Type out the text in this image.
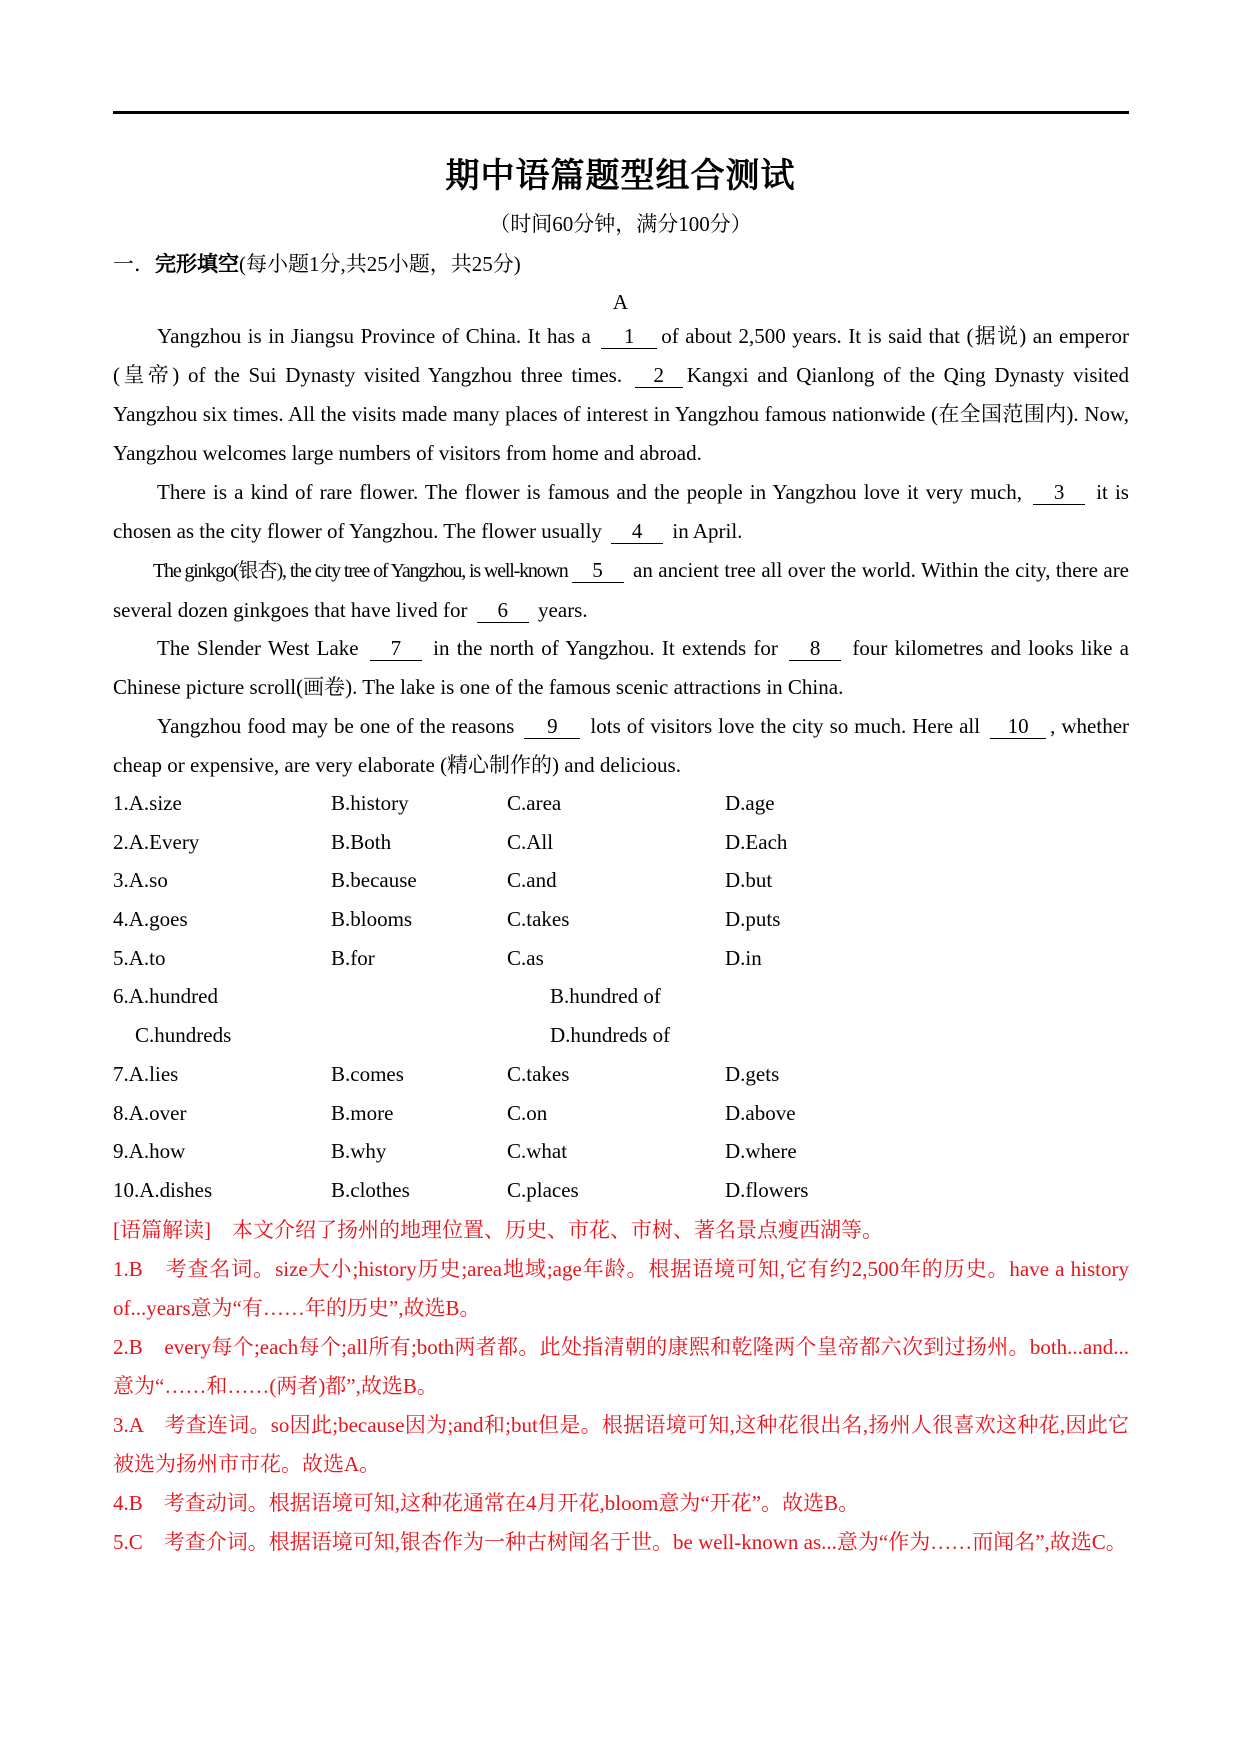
期中语篇题型组合测试
（时间60分钟，满分100分）
一．完形填空(每小题1分,共25小题，共25分)
A

Yangzhou is in Jiangsu Province of China. It has a 1 of about 2,500 years. It is said that (据说) an emperor (皇帝) of the Sui Dynasty visited Yangzhou three times. 2 Kangxi and Qianlong of the Qing Dynasty visited Yangzhou six times. All the visits made many places of interest in Yangzhou famous nationwide (在全国范围内). Now, Yangzhou welcomes large numbers of visitors from home and abroad.

There is a kind of rare flower. The flower is famous and the people in Yangzhou love it very much, 3 it is chosen as the city flower of Yangzhou. The flower usually 4 in April.

The ginkgo(银杏), the city tree of Yangzhou, is well-known 5 an ancient tree all over the world. Within the city, there are several dozen ginkgoes that have lived for 6 years.

The Slender West Lake 7 in the north of Yangzhou. It extends for 8 four kilometres and looks like a Chinese picture scroll(画卷). The lake is one of the famous scenic attractions in China.

Yangzhou food may be one of the reasons 9 lots of visitors love the city so much. Here all 10 , whether cheap or expensive, are very elaborate (精心制作的) and delicious.

1.A.size	B.history	C.area	D.age
2.A.Every	B.Both	C.All	D.Each
3.A.so	B.because	C.and	D.but
4.A.goes	B.blooms	C.takes	D.puts
5.A.to	B.for	C.as	D.in
6.A.hundred	B.hundred of
C.hundreds	D.hundreds of
7.A.lies	B.comes	C.takes	D.gets
8.A.over	B.more	C.on	D.above
9.A.how	B.why	C.what	D.where
10.A.dishes	B.clothes	C.places	D.flowers

[语篇解读]　本文介绍了扬州的地理位置、历史、市花、市树、著名景点瘦西湖等。

1.B　考查名词。size大小;history历史;area地域;age年龄。根据语境可知,它有约2,500年的历史。have a history of...years意为“有……年的历史”,故选B。

2.B　every每个;each每个;all所有;both两者都。此处指清朝的康熙和乾隆两个皇帝都六次到过扬州。both...and...意为“……和……(两者)都”,故选B。

3.A　考查连词。so因此;because因为;and和;but但是。根据语境可知,这种花很出名,扬州人很喜欢这种花,因此它被选为扬州市市花。故选A。

4.B　考查动词。根据语境可知,这种花通常在4月开花,bloom意为“开花”。故选B。

5.C　考查介词。根据语境可知,银杏作为一种古树闻名于世。be well-known as...意为“作为……而闻名”,故选C。
